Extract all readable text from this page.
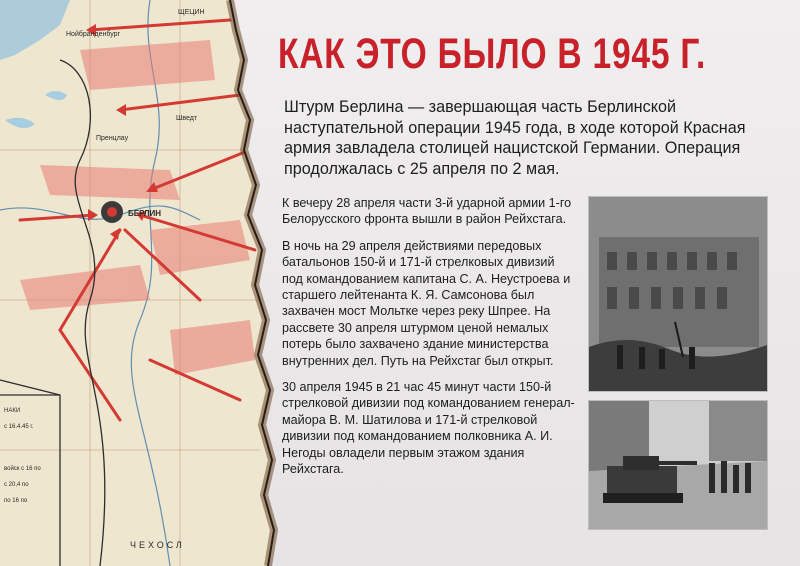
Нойбранденбург
Шведт
ЩЕЦИН
Пренцлау
БЕРЛИН
ЧЕХОСЛ
НАКИ
с 16.4.45 г.
войск с 16 по
с 20,4 по
по 16 по
КАК ЭТО БЫЛО В 1945 Г.
Штурм Берлина — завершающая часть Берлинской наступательной операции 1945 года, в ходе которой Красная армия завладела столицей нацистской Германии. Операция продолжалась с 25 апреля по 2 мая.

К вечеру 28 апреля части 3-й ударной армии 1-го Белорусского фронта вышли в район Рейхстага.

В ночь на 29 апреля действиями передовых батальонов 150-й и 171-й стрелковых дивизий под командованием капитана С. А. Неустроева и старшего лейтенанта К. Я. Самсонова был захвачен мост Мольтке через реку Шпрее. На рассвете 30 апреля штурмом ценой немалых потерь было захвачено здание министерства внутренних дел. Путь на Рейхстаг был открыт.

30 апреля 1945 в 21 час 45 минут части 150-й стрелковой дивизии под командованием генерал-майора В. М. Шатилова и 171-й стрелковой дивизии под командованием полковника А. И. Негоды овладели первым этажом здания Рейхстага.
